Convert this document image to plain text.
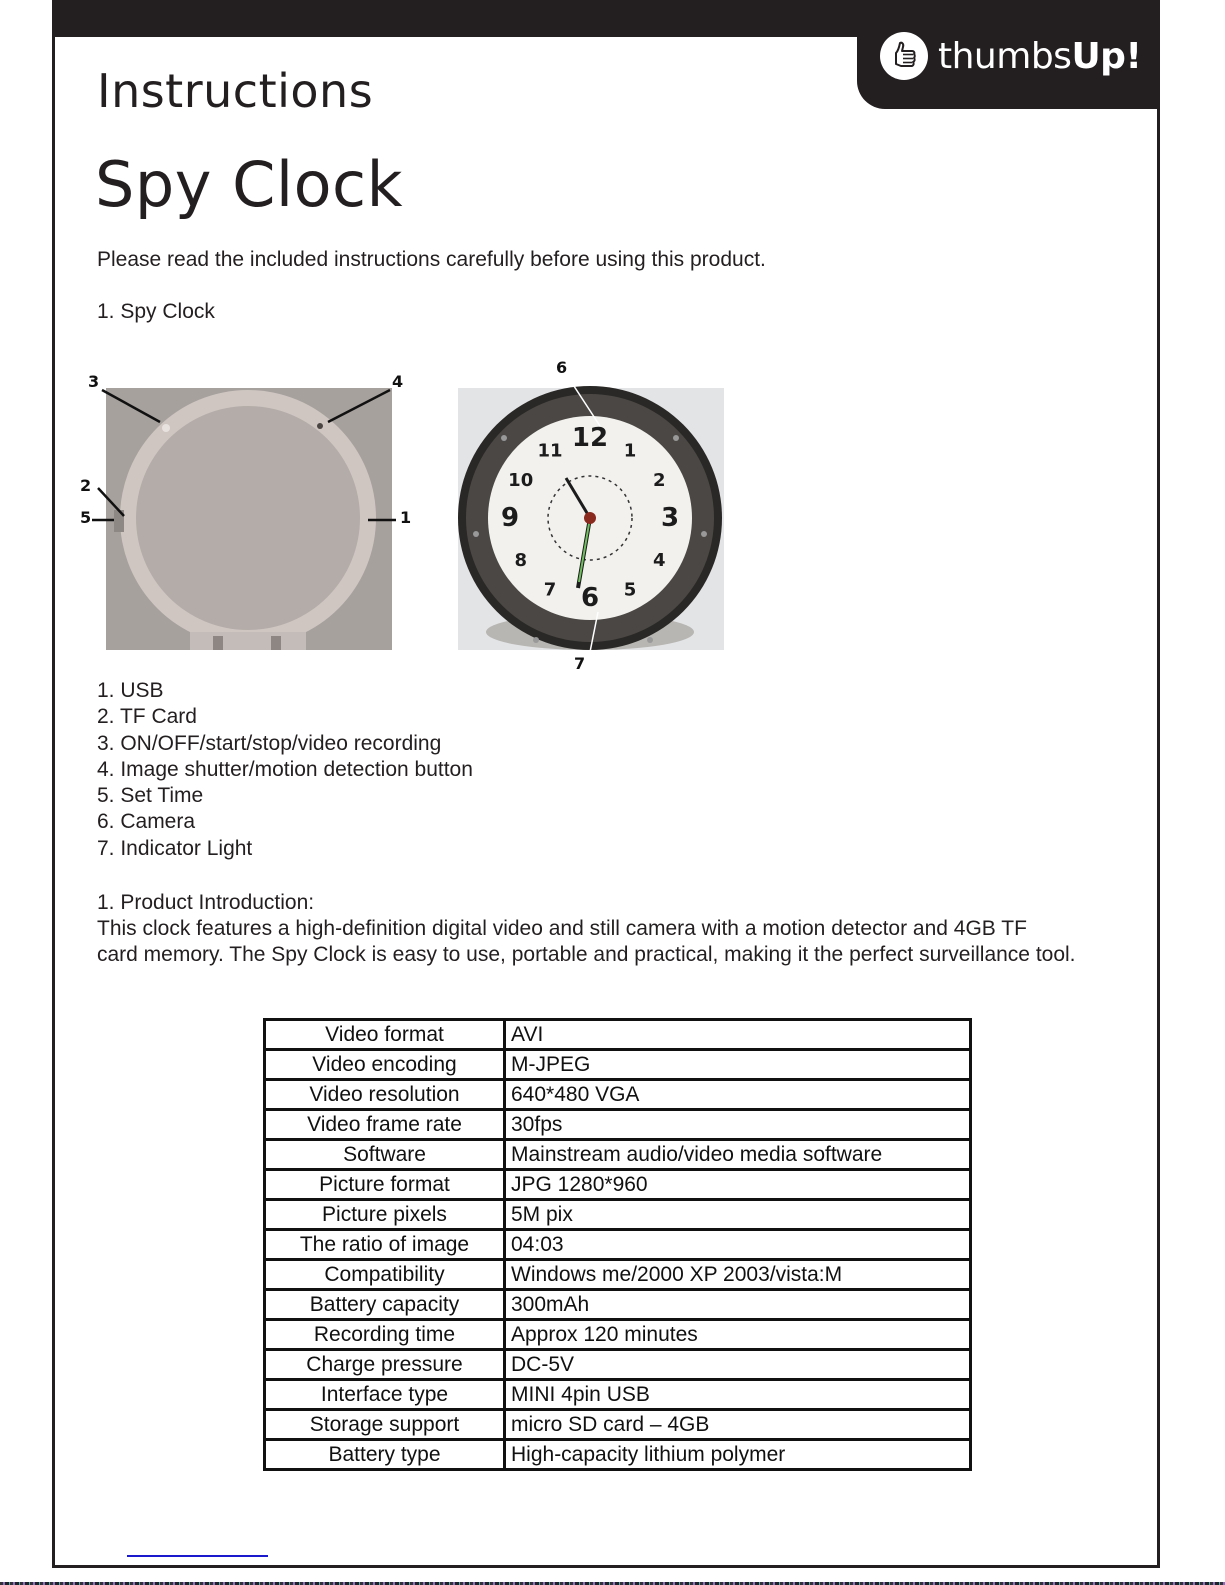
thumbsUp!
Instructions
Spy Clock

Please read the included instructions carefully before using this product.

1. Spy Clock

3	4
2
5	1
12 1
2
3
4
5
6
7
8
9
10
11
6
7
1. USB
2. TF Card
3. ON/OFF/start/stop/video recording
4. Image shutter/motion detection button
5. Set Time
6. Camera
7. Indicator Light

1. Product Introduction:

This clock features a high-definition digital video and still camera with a motion detector and 4GB TF

card memory. The Spy Clock is easy to use, portable and practical, making it the perfect surveillance tool.

Video format	AVI
Video encoding	M-JPEG
Video resolution	640*480 VGA
Video frame rate	30fps
Software	Mainstream audio/video media software
Picture format	JPG 1280*960
Picture pixels	5M pix
The ratio of image	04:03
Compatibility	Windows me/2000 XP 2003/vista:M
Battery capacity	300mAh
Recording time	Approx 120 minutes
Charge pressure	DC-5V
Interface type	MINI 4pin USB
Storage support	micro SD card – 4GB
Battery type	High-capacity lithium polymer
